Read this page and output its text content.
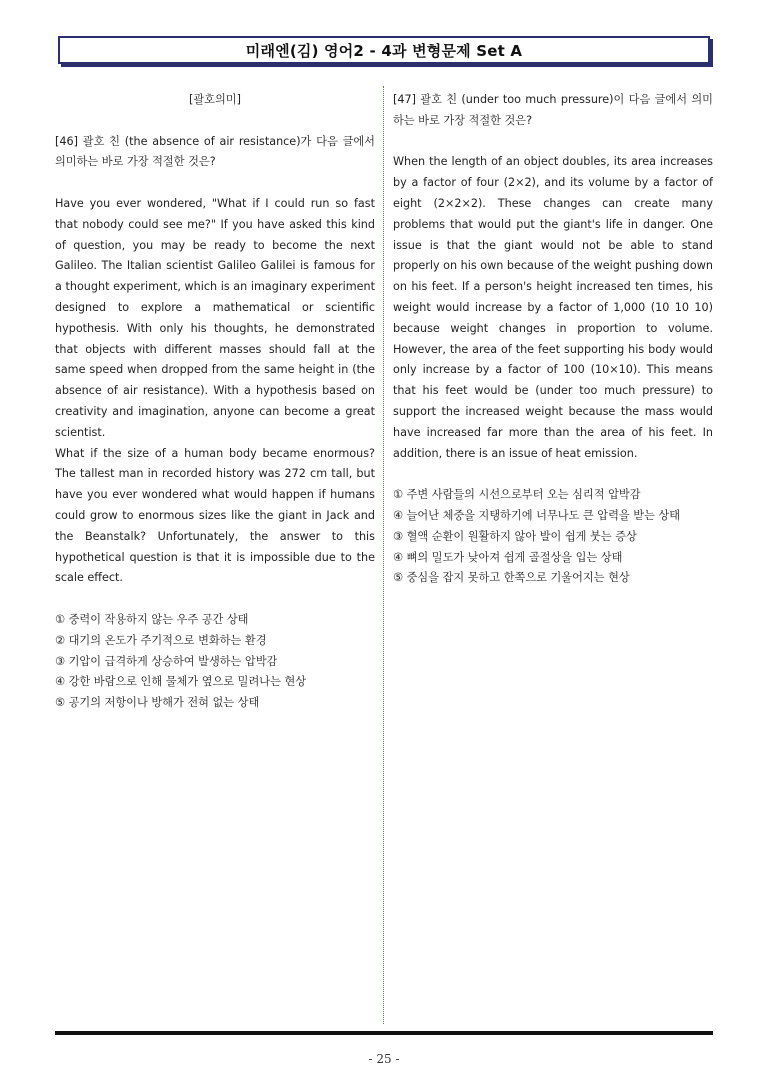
미래엔(김) 영어2 - 4과 변형문제 Set A

[괄호의미]

[46] 괄호 친 (the absence of air resistance)가 다음 글에서 의미하는 바로 가장 적절한 것은?

Have you ever wondered, "What if I could run so fast that nobody could see me?" If you have asked this kind of question, you may be ready to become the next Galileo. The Italian scientist Galileo Galilei is famous for a thought experiment, which is an imaginary experiment designed to explore a mathematical or scientific hypothesis. With only his thoughts, he demonstrated that objects with different masses should fall at the same speed when dropped from the same height in (the absence of air resistance). With a hypothesis based on creativity and imagination, anyone can become a great scientist.

What if the size of a human body became enormous? The tallest man in recorded history was 272 cm tall, but have you ever wondered what would happen if humans could grow to enormous sizes like the giant in Jack and the Beanstalk? Unfortunately, the answer to this hypothetical question is that it is impossible due to the scale effect.

① 중력이 작용하지 않는 우주 공간 상태
② 대기의 온도가 주기적으로 변화하는 환경
③ 기압이 급격하게 상승하여 발생하는 압박감
④ 강한 바람으로 인해 물체가 옆으로 밀려나는 현상
⑤ 공기의 저항이나 방해가 전혀 없는 상태

[47] 괄호 친 (under too much pressure)이 다음 글에서 의미하는 바로 가장 적절한 것은?

When the length of an object doubles, its area increases by a factor of four (2×2), and its volume by a factor of eight (2×2×2). These changes can create many problems that would put the giant's life in danger. One issue is that the giant would not be able to stand properly on his own because of the weight pushing down on his feet. If a person's height increased ten times, his weight would increase by a factor of 1,000 (10 10 10) because weight changes in proportion to volume. However, the area of the feet supporting his body would only increase by a factor of 100 (10×10). This means that his feet would be (under too much pressure) to support the increased weight because the mass would have increased far more than the area of his feet. In addition, there is an issue of heat emission.

① 주변 사람들의 시선으로부터 오는 심리적 압박감
④ 늘어난 체중을 지탱하기에 너무나도 큰 압력을 받는 상태
③ 혈액 순환이 원활하지 않아 발이 쉽게 붓는 증상
④ 뼈의 밀도가 낮아져 쉽게 골절상을 입는 상태
⑤ 중심을 잡지 못하고 한쪽으로 기울어지는 현상
- 25 -
